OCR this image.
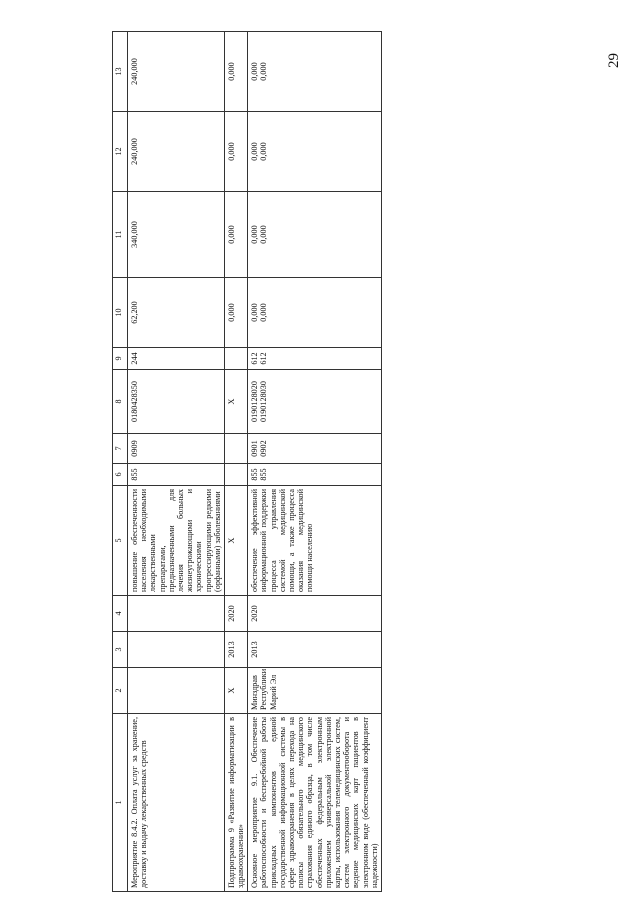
29
1	2	3	4	5	6	7	8	9	10	11	12	13
Мероприятие 8.4.2. Оплата услуг за хранение, доставку и выдачу лекарственных средств				повышение обеспеченности населения необходимыми лекарственными препаратами, предназначенными для лечения больных жизнеугрожающими и хроническими прогрессирующими редкими (орфанными) заболеваниями	855	0909	0180428350	244	62,200	340,000	240,000	240,000

Подпрограмма 9 «Развитие информатизации в здравоохранении»	X	2013	2020	X			X		0,000	0,000	0,000	0,000

Основное мероприятие 9.1. Обеспечение работоспособности и бесперебойной работы прикладных компонентов единой государственной информационной системы в сфере здравоохранения в целях перехода на полисы обязательного медицинского страхования единого образца, в том числе обеспеченных федеральным электронным приложением универсальной электронной карты, использования телемедицинских систем, систем электронного документооборота и ведение медицинских карт пациентов в электронном виде (обеспеченный коэффициент надежности)	Минздрав Республики Марий Эл	2013	2020	обеспечение эффективной информационной поддержки процесса управления системой медицинской помощи, а также процесса оказания медицинской помощи населению	855 855	0901 0902	0190128020 0190128030	612 612	0,000 0,000	0,000 0,000	0,000 0,000	0,000 0,000
